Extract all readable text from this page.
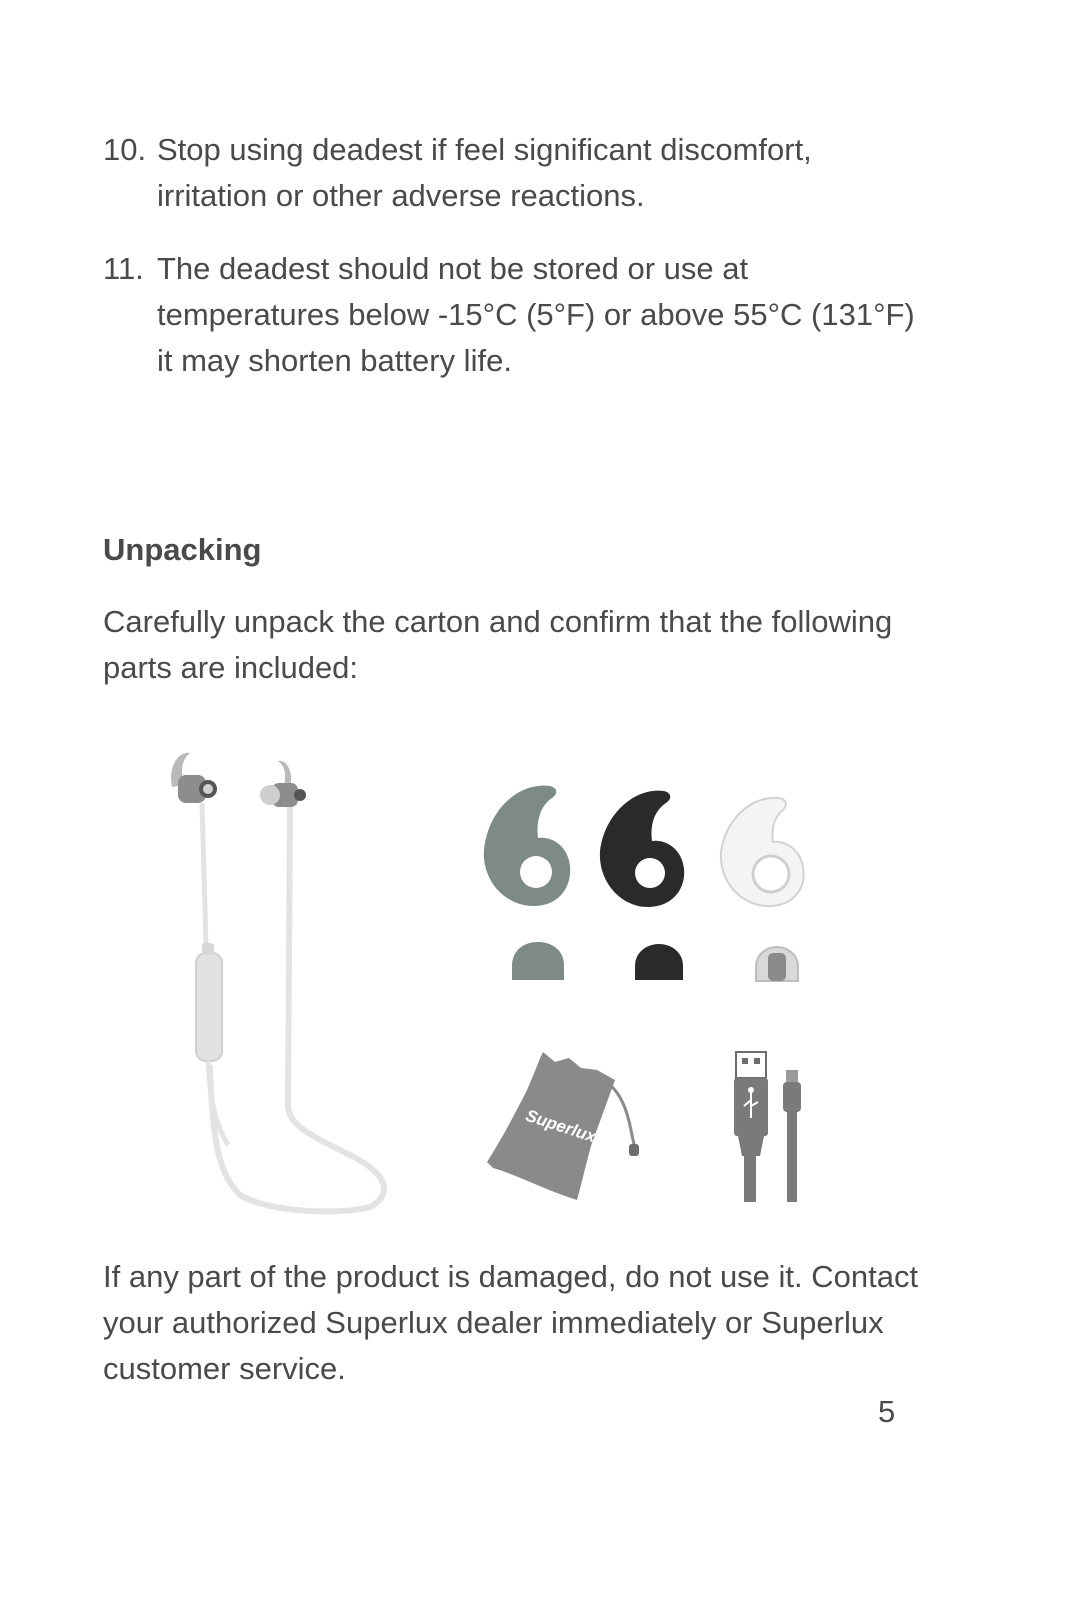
10. Stop using deadest if feel significant discomfort, irritation or other adverse reactions.
11. The deadest should not be stored or use at temperatures below -15°C (5°F) or above 55°C (131°F) it may shorten battery life.
Unpacking
Carefully unpack the carton and confirm that the following parts are included:
Superlux
If any part of the product is damaged, do not use it. Contact your authorized Superlux dealer immediately or Superlux customer service.
5
